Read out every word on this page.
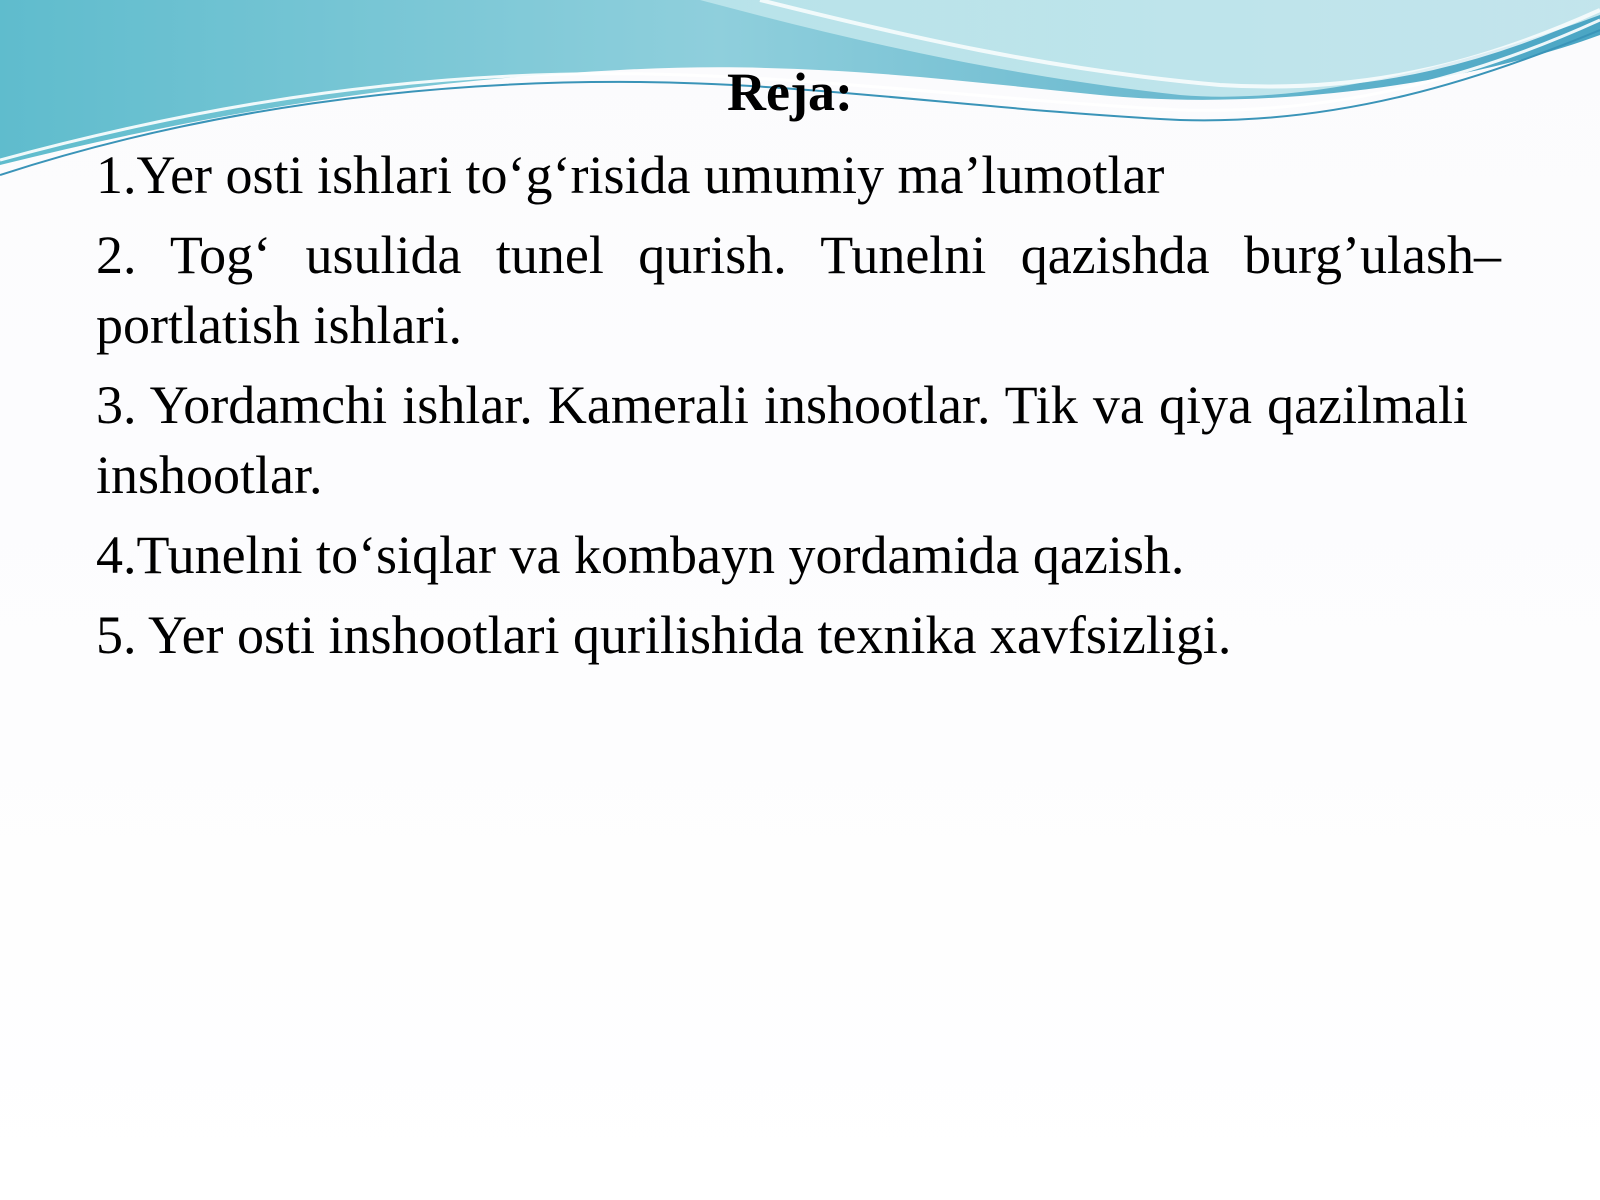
Reja:
1.Yer osti ishlari to‘g‘risida umumiy ma’lumotlar
2. Tog‘ usulida tunel qurish. Tunelni qazishda burg’ulash–portlatish ishlari.
3. Yordamchi ishlar. Kamerali inshootlar. Tik va qiya qazilmali inshootlar.
4.Tunelni to‘siqlar va kombayn yordamida qazish.
5. Yer osti inshootlari qurilishida texnika xavfsizligi.
